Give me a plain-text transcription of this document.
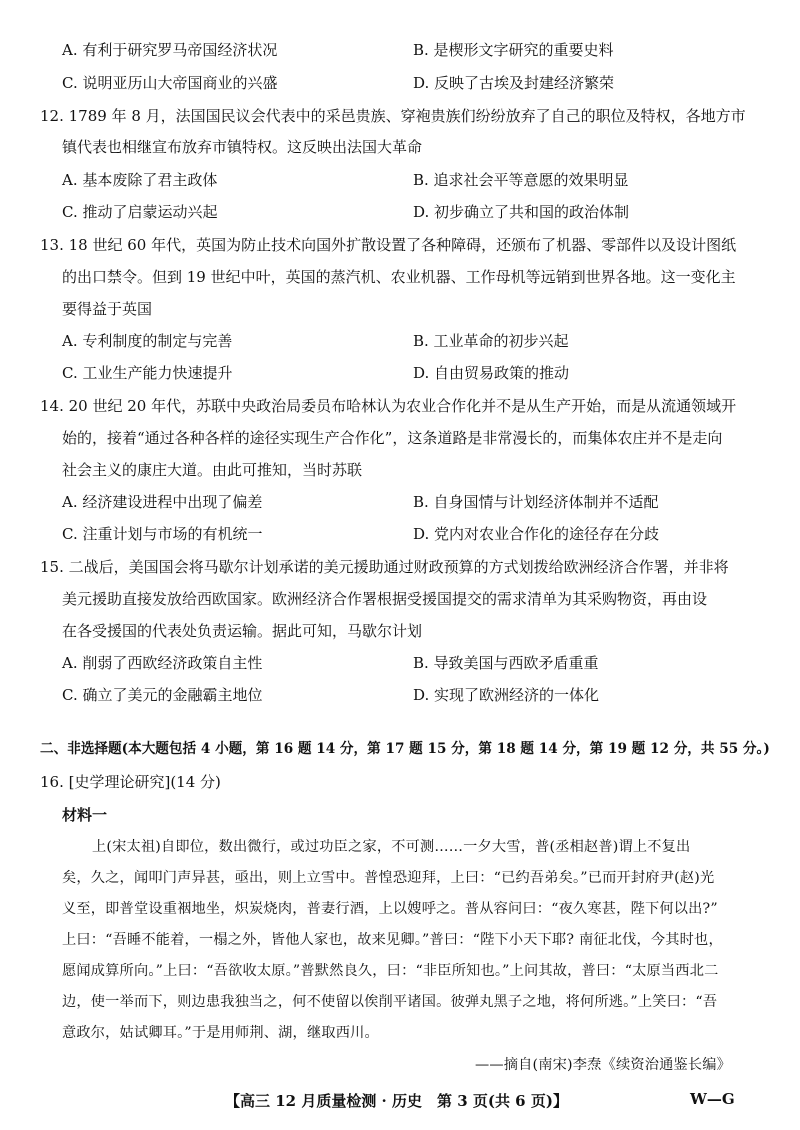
A. 有利于研究罗马帝国经济状况	B. 是楔形文字研究的重要史料
C. 说明亚历山大帝国商业的兴盛	D. 反映了古埃及封建经济繁荣
12. 1789 年 8 月，法国国民议会代表中的采邑贵族、穿袍贵族们纷纷放弃了自己的职位及特权，各地方市
镇代表也相继宣布放弃市镇特权。这反映出法国大革命
A. 基本废除了君主政体	B. 追求社会平等意愿的效果明显
C. 推动了启蒙运动兴起	D. 初步确立了共和国的政治体制
13. 18 世纪 60 年代，英国为防止技术向国外扩散设置了各种障碍，还颁布了机器、零部件以及设计图纸
的出口禁令。但到 19 世纪中叶，英国的蒸汽机、农业机器、工作母机等远销到世界各地。这一变化主
要得益于英国
A. 专利制度的制定与完善	B. 工业革命的初步兴起
C. 工业生产能力快速提升	D. 自由贸易政策的推动
14. 20 世纪 20 年代，苏联中央政治局委员布哈林认为农业合作化并不是从生产开始，而是从流通领域开
始的，接着“通过各种各样的途径实现生产合作化”，这条道路是非常漫长的，而集体农庄并不是走向
社会主义的康庄大道。由此可推知，当时苏联
A. 经济建设进程中出现了偏差	B. 自身国情与计划经济体制并不适配
C. 注重计划与市场的有机统一	D. 党内对农业合作化的途径存在分歧
15. 二战后，美国国会将马歇尔计划承诺的美元援助通过财政预算的方式划拨给欧洲经济合作署，并非将
美元援助直接发放给西欧国家。欧洲经济合作署根据受援国提交的需求清单为其采购物资，再由设
在各受援国的代表处负责运输。据此可知，马歇尔计划
A. 削弱了西欧经济政策自主性	B. 导致美国与西欧矛盾重重
C. 确立了美元的金融霸主地位	D. 实现了欧洲经济的一体化
二、非选择题(本大题包括 4 小题，第 16 题 14 分，第 17 题 15 分，第 18 题 14 分，第 19 题 12 分，共 55 分。)
16. [史学理论研究](14 分)
材料一
上(宋太祖)自即位，数出微行，或过功臣之家，不可测……一夕大雪，普(丞相赵普)谓上不复出
矣，久之，闻叩门声异甚，亟出，则上立雪中。普惶恐迎拜，上曰：“已约吾弟矣。”已而开封府尹(赵)光
义至，即普堂设重裀地坐，炽炭烧肉，普妻行酒，上以嫂呼之。普从容问曰：“夜久寒甚，陛下何以出?”
上曰：“吾睡不能着，一榻之外，皆他人家也，故来见卿。”普曰：“陛下小天下耶? 南征北伐，今其时也，
愿闻成算所向。”上曰：“吾欲收太原。”普默然良久，曰：“非臣所知也。”上问其故，普曰：“太原当西北二
边，使一举而下，则边患我独当之，何不使留以俟削平诸国。彼弹丸黑子之地，将何所逃。”上笑曰：“吾
意政尔，姑试卿耳。”于是用师荆、湖，继取西川。
——摘自(南宋)李焘《续资治通鉴长编》
【高三 12 月质量检测 · 历史　第 3 页(共 6 页)】	W—G
